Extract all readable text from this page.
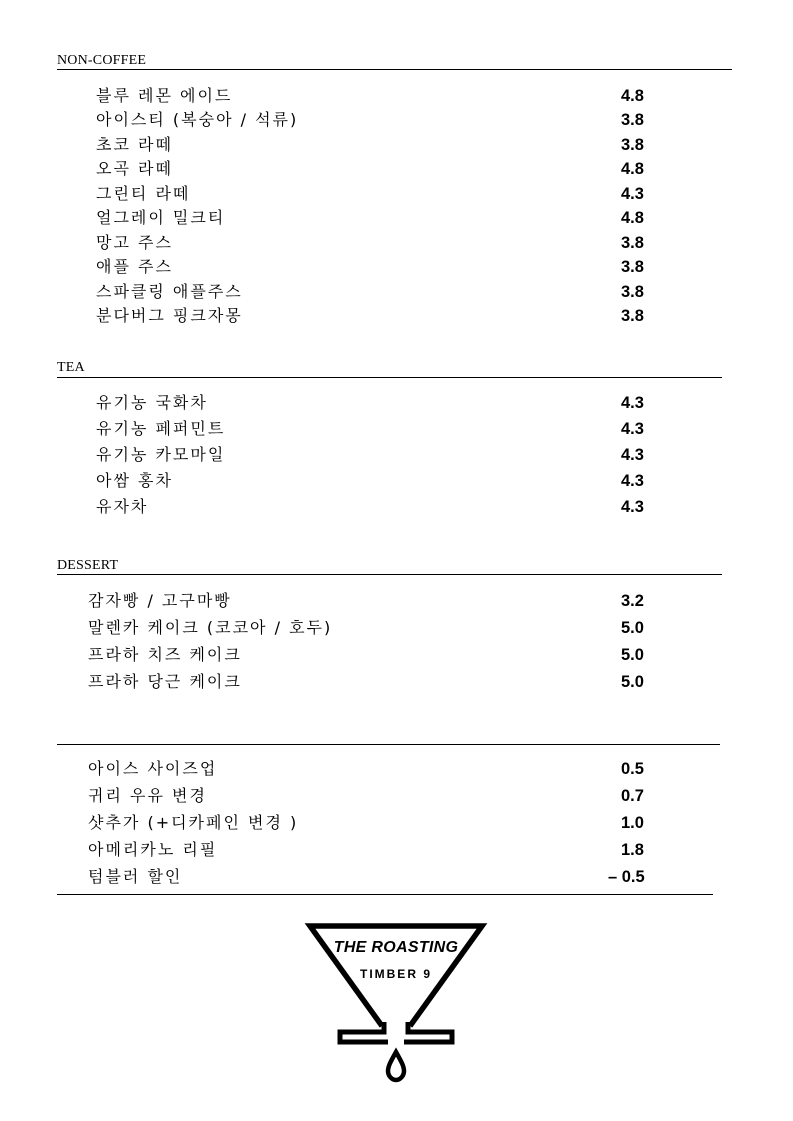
NON-COFFEE
블루 레몬 에이드	4.8
아이스티 (복숭아 / 석류)	3.8
초코 라떼	3.8
오곡 라떼	4.8
그린티 라떼	4.3
얼그레이 밀크티	4.8
망고 주스	3.8
애플 주스	3.8
스파클링 애플주스	3.8
분다버그 핑크자몽	3.8
TEA
유기농 국화차	4.3
유기농 페퍼민트	4.3
유기농 카모마일	4.3
아쌈 홍차	4.3
유자차	4.3
DESSERT
감자빵 / 고구마빵	3.2
말렌카 케이크 (코코아 / 호두)	5.0
프라하 치즈 케이크	5.0
프라하 당근 케이크	5.0
아이스 사이즈업	0.5
귀리 우유 변경	0.7
샷추가 (+디카페인 변경 )	1.0
아메리카노 리필	1.8
텀블러 할인	– 0.5
THE ROASTING
TIMBER 9
